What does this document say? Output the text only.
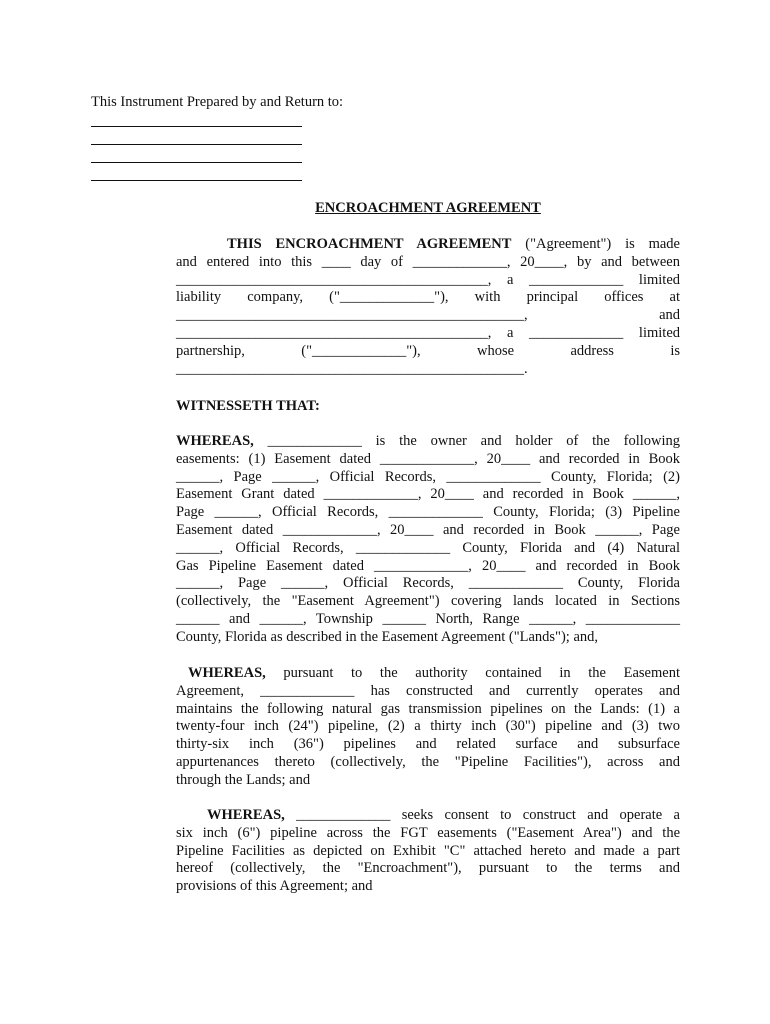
This Instrument Prepared by and Return to:
ENCROACHMENT AGREEMENT
THIS ENCROACHMENT AGREEMENT ("Agreement") is made
and entered into this ____ day of _____________, 20____, by and between
___________________________________________, a _____________ limited
liability company, ("_____________"), with principal offices at
________________________________________________, and
___________________________________________, a _____________ limited
partnership, ("_____________"), whose address is
________________________________________________.
WITNESSETH THAT:
WHEREAS, _____________ is the owner and holder of the following
easements: (1) Easement dated _____________, 20____ and recorded in Book
______, Page ______, Official Records, _____________ County, Florida; (2)
Easement Grant dated _____________, 20____ and recorded in Book ______,
Page ______, Official Records, _____________ County, Florida; (3) Pipeline
Easement dated _____________, 20____ and recorded in Book ______, Page
______, Official Records, _____________ County, Florida and (4) Natural
Gas Pipeline Easement dated _____________, 20____ and recorded in Book
______, Page ______, Official Records, _____________ County, Florida
(collectively, the "Easement Agreement") covering lands located in Sections
______ and ______, Township ______ North, Range ______, _____________
County, Florida as described in the Easement Agreement ("Lands"); and,
WHEREAS, pursuant to the authority contained in the Easement
Agreement, _____________ has constructed and currently operates and
maintains the following natural gas transmission pipelines on the Lands: (1) a
twenty-four inch (24") pipeline, (2) a thirty inch (30") pipeline and (3) two
thirty-six inch (36") pipelines and related surface and subsurface
appurtenances thereto (collectively, the "Pipeline Facilities"), across and
through the Lands; and
WHEREAS, _____________ seeks consent to construct and operate a
six inch (6") pipeline across the FGT easements ("Easement Area") and the
Pipeline Facilities as depicted on Exhibit "C" attached hereto and made a part
hereof (collectively, the "Encroachment"), pursuant to the terms and
provisions of this Agreement; and
